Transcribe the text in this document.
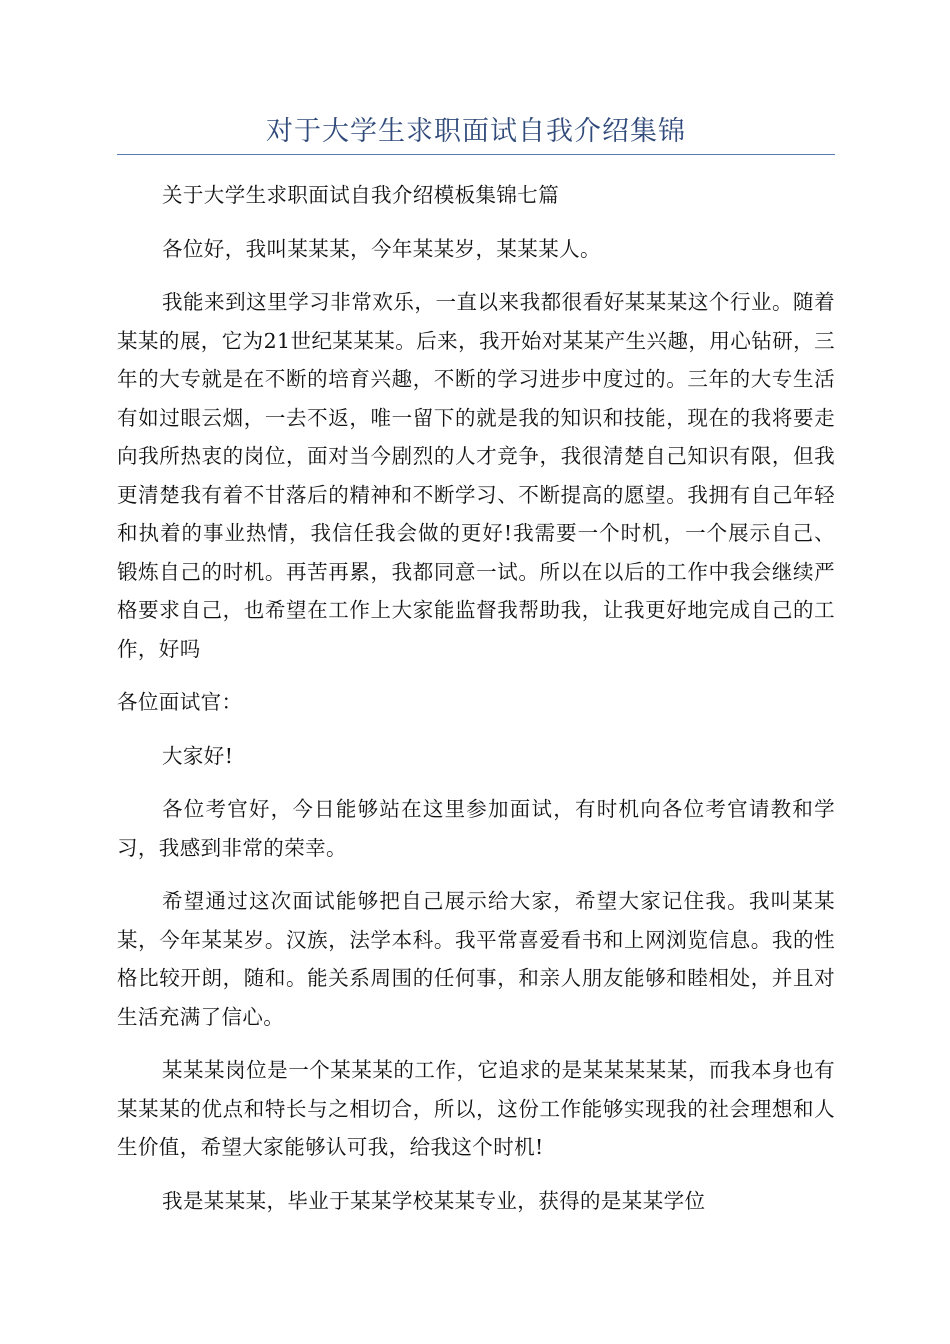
对于大学生求职面试自我介绍集锦

关于大学生求职面试自我介绍模板集锦七篇

各位好，我叫某某某，今年某某岁，某某某人。

我能来到这里学习非常欢乐，一直以来我都很看好某某某这个行业。随着某某的展，它为21世纪某某某。后来，我开始对某某产生兴趣，用心钻研，三年的大专就是在不断的培育兴趣，不断的学习进步中度过的。三年的大专生活有如过眼云烟，一去不返，唯一留下的就是我的知识和技能，现在的我将要走向我所热衷的岗位，面对当今剧烈的人才竞争，我很清楚自己知识有限，但我更清楚我有着不甘落后的精神和不断学习、不断提高的愿望。我拥有自己年轻和执着的事业热情，我信任我会做的更好!我需要一个时机，一个展示自己、锻炼自己的时机。再苦再累，我都同意一试。所以在以后的工作中我会继续严格要求自己，也希望在工作上大家能监督我帮助我，让我更好地完成自己的工作，好吗

各位面试官：

大家好!

各位考官好，今日能够站在这里参加面试，有时机向各位考官请教和学习，我感到非常的荣幸。

希望通过这次面试能够把自己展示给大家，希望大家记住我。我叫某某某，今年某某岁。汉族，法学本科。我平常喜爱看书和上网浏览信息。我的性格比较开朗，随和。能关系周围的任何事，和亲人朋友能够和睦相处，并且对生活充满了信心。

某某某岗位是一个某某某的工作，它追求的是某某某某某，而我本身也有某某某的优点和特长与之相切合，所以，这份工作能够实现我的社会理想和人生价值，希望大家能够认可我，给我这个时机!

我是某某某，毕业于某某学校某某专业，获得的是某某学位
